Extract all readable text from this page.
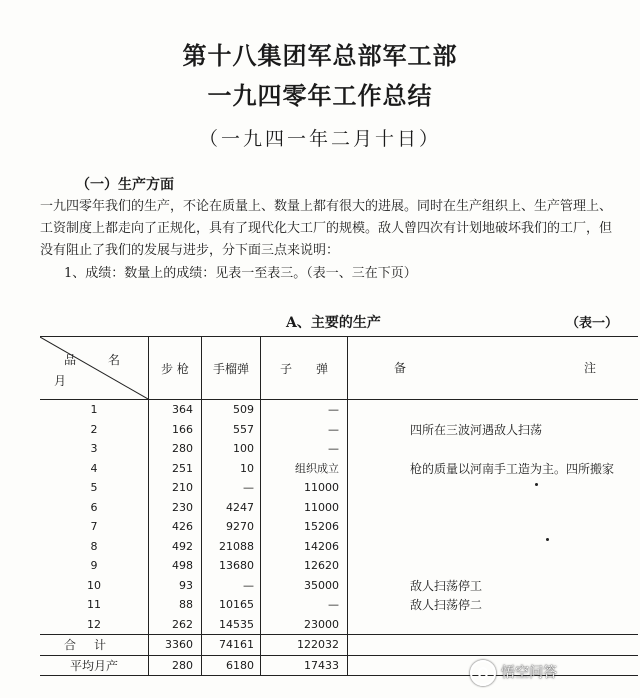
第十八集团军总部军工部
一九四零年工作总结
（一九四一年二月十日）
（一）生产方面
一九四零年我们的生产，不论在质量上、数量上都有很大的进展。同时在生产组织上、生产管理上、工资制度上都走向了正规化，具有了现代化大工厂的规模。敌人曾四次有计划地破坏我们的工厂，但没有阻止了我们的发展与进步，分下面三点来说明：
1、成绩：数量上的成绩：见表一至表三。（表一、三在下页）
A、主要的生产	（表一）
品 名
月	步 枪	手榴弹	子　　弹	备 注

1	364	509	—	
2	166	557	—	四所在三波河遇敌人扫荡
3	280	100	—	
4	251	10	组织成立	枪的质量以河南手工造为主。四所搬家
5	210	—	11000	
6	230	4247	11000	
7	426	9270	15206	
8	492	21088	14206	
9	498	13680	12620	
10	93	—	35000	敌人扫荡停工
11	88	10165	—	敌人扫荡停二
12	262	14535	23000	
合计	3360	74161	122032	
平均月产	280	6180	17433		悟空问答
